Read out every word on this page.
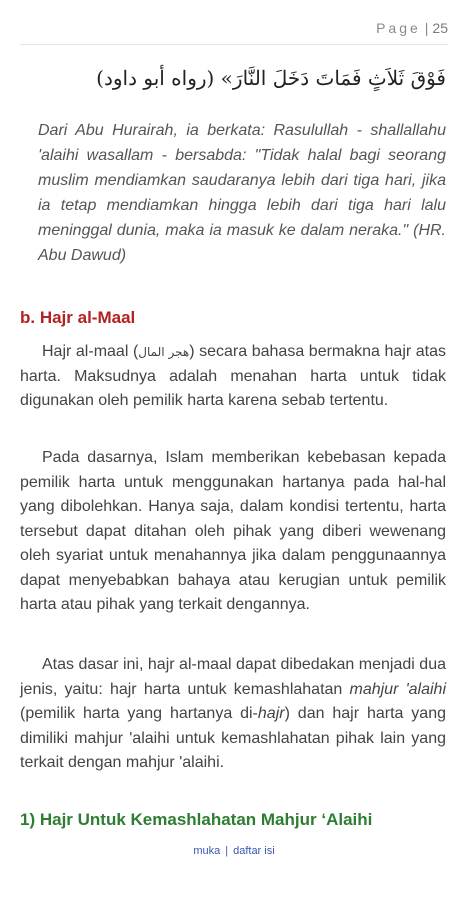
Page | 25
فَوْقَ ثَلاَثٍ فَمَاتَ دَخَلَ النَّارَ» (رواه أبو داود)
Dari Abu Hurairah, ia berkata: Rasulullah - shallallahu 'alaihi wasallam - bersabda: "Tidak halal bagi seorang muslim mendiamkan saudaranya lebih dari tiga hari, jika ia tetap mendiamkan hingga lebih dari tiga hari lalu meninggal dunia, maka ia masuk ke dalam neraka." (HR. Abu Dawud)
b. Hajr al-Maal
Hajr al-maal (هجر المال) secara bahasa bermakna hajr atas harta. Maksudnya adalah menahan harta untuk tidak digunakan oleh pemilik harta karena sebab tertentu.
Pada dasarnya, Islam memberikan kebebasan kepada pemilik harta untuk menggunakan hartanya pada hal-hal yang dibolehkan. Hanya saja, dalam kondisi tertentu, harta tersebut dapat ditahan oleh pihak yang diberi wewenang oleh syariat untuk menahannya jika dalam penggunaannya dapat menyebabkan bahaya atau kerugian untuk pemilik harta atau pihak yang terkait dengannya.
Atas dasar ini, hajr al-maal dapat dibedakan menjadi dua jenis, yaitu: hajr harta untuk kemashlahatan mahjur 'alaihi (pemilik harta yang hartanya di-hajr) dan hajr harta yang dimiliki mahjur 'alaihi untuk kemashlahatan pihak lain yang terkait dengan mahjur 'alaihi.
1) Hajr Untuk Kemashlahatan Mahjur ‘Alaihi
muka | daftar isi
